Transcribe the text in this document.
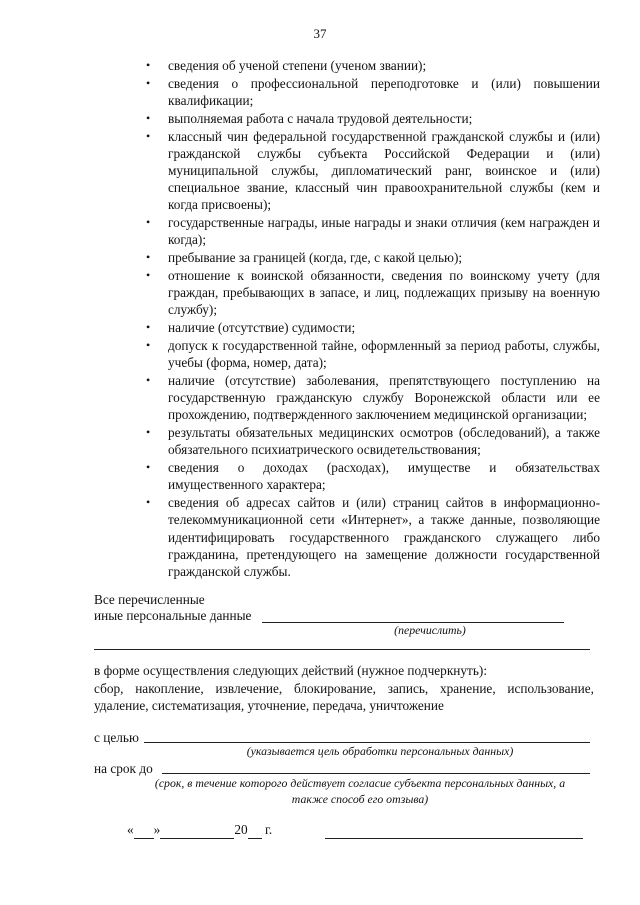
37
•	сведения об ученой степени (ученом звании);
•	сведения о профессиональной переподготовке и (или) повышении квалификации;
•	выполняемая работа с начала трудовой деятельности;
•	классный чин федеральной государственной гражданской службы и (или) гражданской службы субъекта Российской Федерации и (или) муниципальной службы, дипломатический ранг, воинское и (или) специальное звание, классный чин правоохранительной службы (кем и когда присвоены);
•	государственные награды, иные награды и знаки отличия (кем награжден и когда);
•	пребывание за границей (когда, где, с какой целью);
•	отношение к воинской обязанности, сведения по воинскому учету (для граждан, пребывающих в запасе, и лиц, подлежащих призыву на военную службу);
•	наличие (отсутствие) судимости;
•	допуск к государственной тайне, оформленный за период работы, службы, учебы (форма, номер, дата);
•	наличие (отсутствие) заболевания, препятствующего поступлению на государственную гражданскую службу Воронежской области или ее прохождению, подтвержденного заключением медицинской организации;
•	результаты обязательных медицинских осмотров (обследований), а также обязательного психиатрического освидетельствования;
•	сведения о доходах (расходах), имуществе и обязательствах имущественного характера;
•	сведения об адресах сайтов и (или) страниц сайтов в информационно-телекоммуникационной сети «Интернет», а также данные, позволяющие идентифицировать государственного гражданского служащего либо гражданина, претендующего на замещение должности государственной гражданской службы.
Все перечисленные
иные персональные данные
(перечислить)
в форме осуществления следующих действий (нужное подчеркнуть):
сбор, накопление, извлечение, блокирование, запись, хранение, использование, удаление, систематизация, уточнение, передача, уничтожение
с целью
(указывается цель обработки персональных данных)
на срок до
(срок, в течение которого действует согласие субъекта персональных данных, а
также способ его отзыва)
« »	20 г.
